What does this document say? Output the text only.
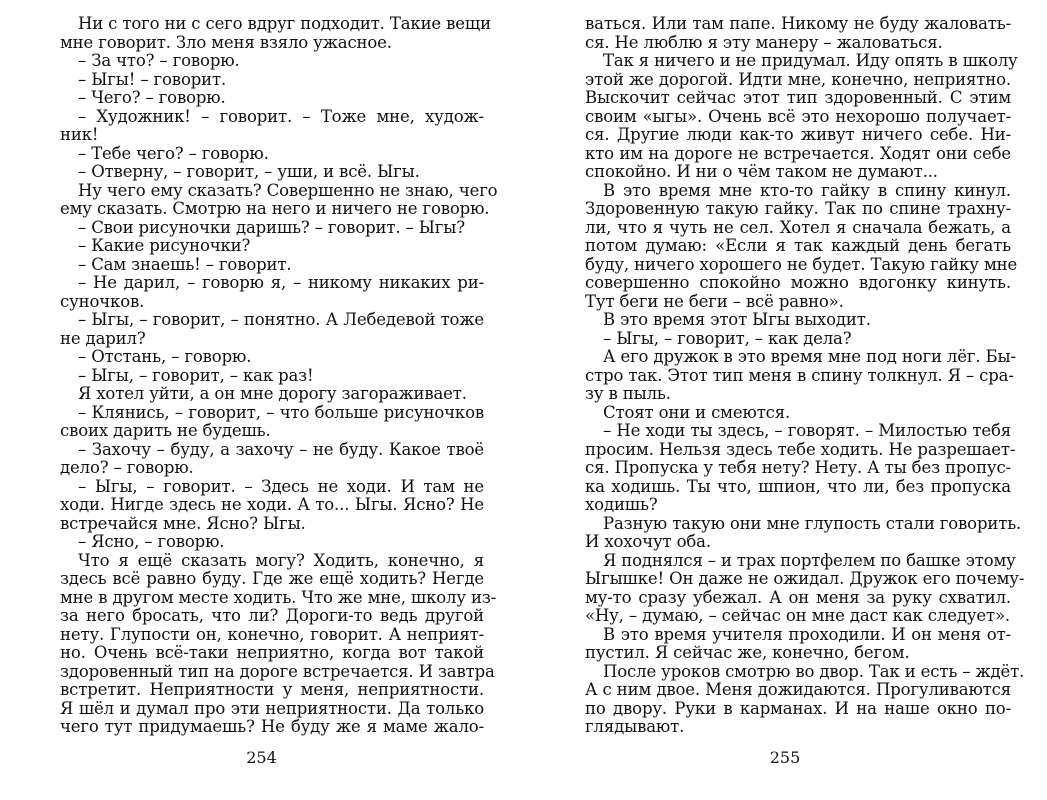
Ни с того ни с сего вдруг подходит. Такие вещи
мне говорит. Зло меня взяло ужасное.
– За что? – говорю.
– Ыгы! – говорит.
– Чего? – говорю.
– Художник! – говорит. – Тоже мне, худож-
ник!
– Тебе чего? – говорю.
– Отверну, – говорит, – уши, и всё. Ыгы.
Ну чего ему сказать? Совершенно не знаю, чего
ему сказать. Смотрю на него и ничего не говорю.
– Свои рисуночки даришь? – говорит. – Ыгы?
– Какие рисуночки?
– Сам знаешь! – говорит.
– Не дарил, – говорю я, – никому никаких ри-
суночков.
– Ыгы, – говорит, – понятно. А Лебедевой тоже
не дарил?
– Отстань, – говорю.
– Ыгы, – говорит, – как раз!
Я хотел уйти, а он мне дорогу загораживает.
– Клянись, – говорит, – что больше рисуночков
своих дарить не будешь.
– Захочу – буду, а захочу – не буду. Какое твоё
дело? – говорю.
– Ыгы, – говорит. – Здесь не ходи. И там не
ходи. Нигде здесь не ходи. А то... Ыгы. Ясно? Не
встречайся мне. Ясно? Ыгы.
– Ясно, – говорю.
Что я ещё сказать могу? Ходить, конечно, я
здесь всё равно буду. Где же ещё ходить? Негде
мне в другом месте ходить. Что же мне, школу из-
за него бросать, что ли? Дороги-то ведь другой
нету. Глупости он, конечно, говорит. А неприят-
но. Очень всё-таки неприятно, когда вот такой
здоровенный тип на дороге встречается. И завтра
встретит. Неприятности у меня, неприятности.
Я шёл и думал про эти неприятности. Да только
чего тут придумаешь? Не буду же я маме жало-
254
ваться. Или там папе. Никому не буду жаловать-
ся. Не люблю я эту манеру – жаловаться.
Так я ничего и не придумал. Иду опять в школу
этой же дорогой. Идти мне, конечно, неприятно.
Выскочит сейчас этот тип здоровенный. С этим
своим «ыгы». Очень всё это нехорошо получает-
ся. Другие люди как-то живут ничего себе. Ни-
кто им на дороге не встречается. Ходят они себе
спокойно. И ни о чём таком не думают...
В это время мне кто-то гайку в спину кинул.
Здоровенную такую гайку. Так по спине трахну-
ли, что я чуть не сел. Хотел я сначала бежать, а
потом думаю: «Если я так каждый день бегать
буду, ничего хорошего не будет. Такую гайку мне
совершенно спокойно можно вдогонку кинуть.
Тут беги не беги – всё равно».
В это время этот Ыгы выходит.
– Ыгы, – говорит, – как дела?
А его дружок в это время мне под ноги лёг. Бы-
стро так. Этот тип меня в спину толкнул. Я – сра-
зу в пыль.
Стоят они и смеются.
– Не ходи ты здесь, – говорят. – Милостью тебя
просим. Нельзя здесь тебе ходить. Не разрешает-
ся. Пропуска у тебя нету? Нету. А ты без пропус-
ка ходишь. Ты что, шпион, что ли, без пропуска
ходишь?
Разную такую они мне глупость стали говорить.
И хохочут оба.
Я поднялся – и трах портфелем по башке этому
Ыгышке! Он даже не ожидал. Дружок его почему-
му-то сразу убежал. А он меня за руку схватил.
«Ну, – думаю, – сейчас он мне даст как следует».
В это время учителя проходили. И он меня от-
пустил. Я сейчас же, конечно, бегом.
После уроков смотрю во двор. Так и есть – ждёт.
А с ним двое. Меня дожидаются. Прогуливаются
по двору. Руки в карманах. И на наше окно по-
глядывают.
255
